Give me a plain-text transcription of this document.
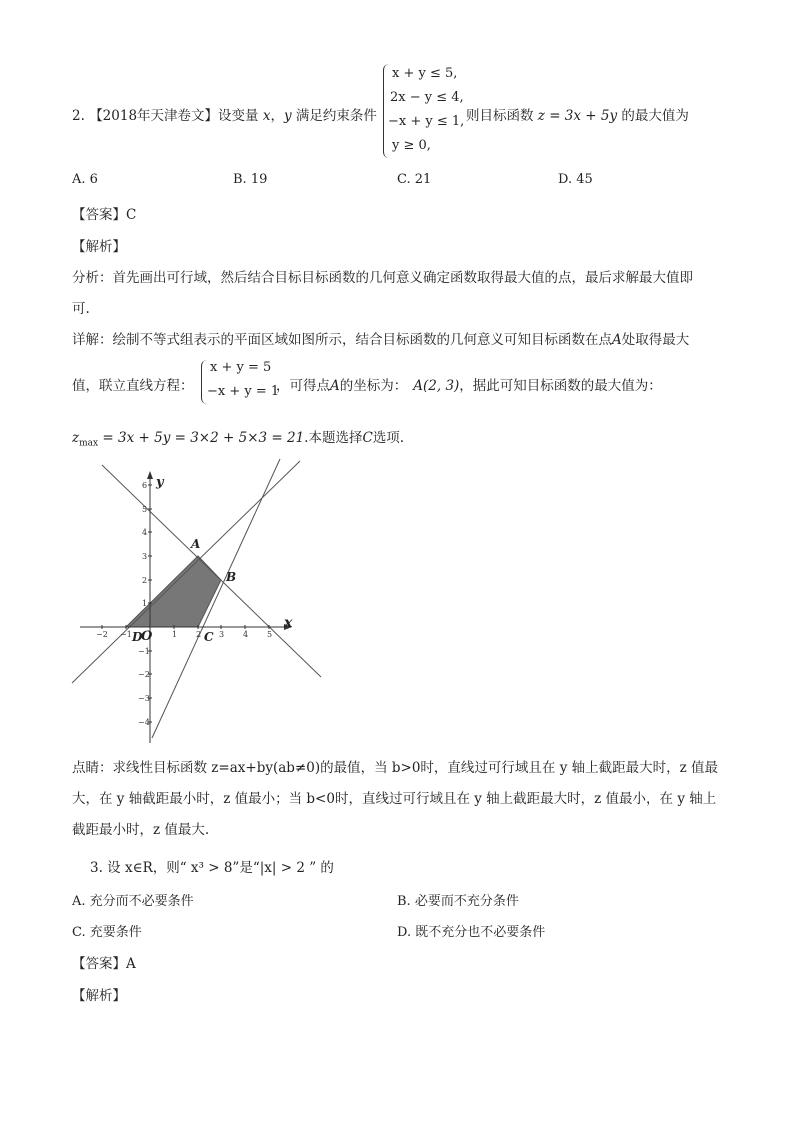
2. 【2018年天津卷文】设变量 x，y 满足约束条件
x + y ≤ 5,
2x − y ≤ 4,
−x + y ≤ 1,
y ≥ 0,
则目标函数 z = 3x + 5y 的最大值为
A. 6	B. 19	C. 21	D. 45
【答案】C
【解析】
分析：首先画出可行域，然后结合目标目标函数的几何意义确定函数取得最大值的点，最后求解最大值即
可.
详解：绘制不等式组表示的平面区域如图所示，结合目标函数的几何意义可知目标函数在点A处取得最大
值，联立直线方程：
x + y = 5
−x + y = 1
，可得点A的坐标为： A(2, 3)，据此可知目标函数的最大值为：
$z_{max} = 3x + 5y = 3\times 2 + 5\times 3 = 21$.本题选择C选项.
−2 −1	1 2 3 4 5
6
5
4
3
2
1
−1
−2
−3
−4
y
x
A
B
C
D
O
点睛：求线性目标函数 z=ax+by(ab≠0)的最值，当 b>0时，直线过可行域且在 y 轴上截距最大时，z 值最
大，在 y 轴截距最小时，z 值最小；当 b<0时，直线过可行域且在 y 轴上截距最大时，z 值最小，在 y 轴上
截距最小时，z 值最大.
3. 设 x∈R，则“ x³ > 8”是“|x| > 2 ” 的
A. 充分而不必要条件	B. 必要而不充分条件
C. 充要条件	D. 既不充分也不必要条件
【答案】A
【解析】
